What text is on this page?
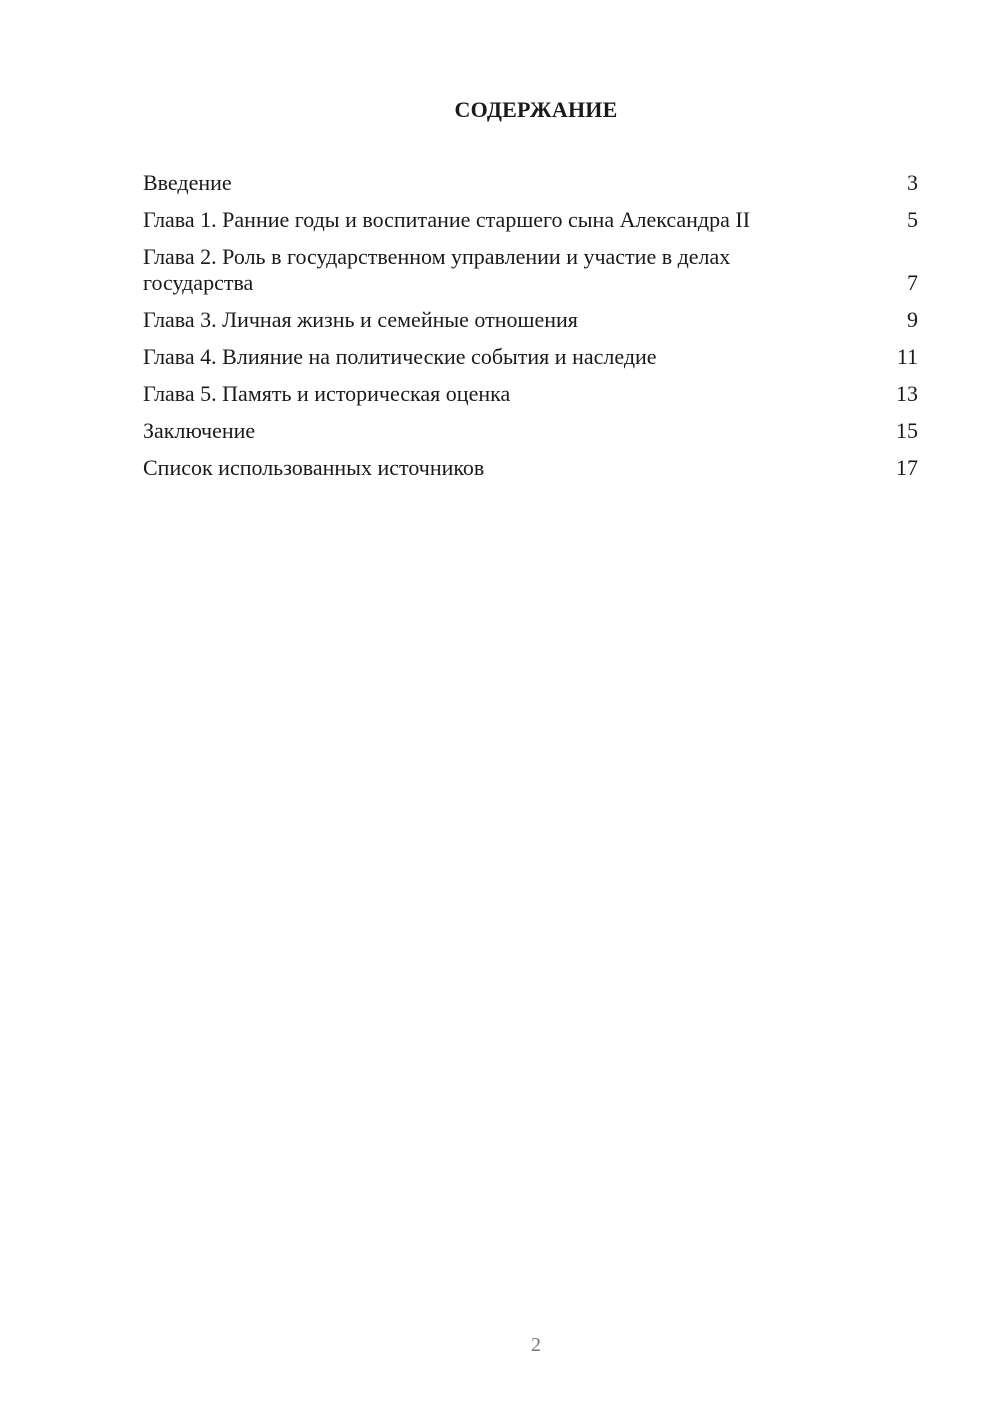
СОДЕРЖАНИЕ
Введение	3
Глава 1. Ранние годы и воспитание старшего сына Александра II	5
Глава 2. Роль в государственном управлении и участие в делах государства	7
Глава 3. Личная жизнь и семейные отношения	9
Глава 4. Влияние на политические события и наследие	11
Глава 5. Память и историческая оценка	13
Заключение	15
Список использованных источников	17
2
